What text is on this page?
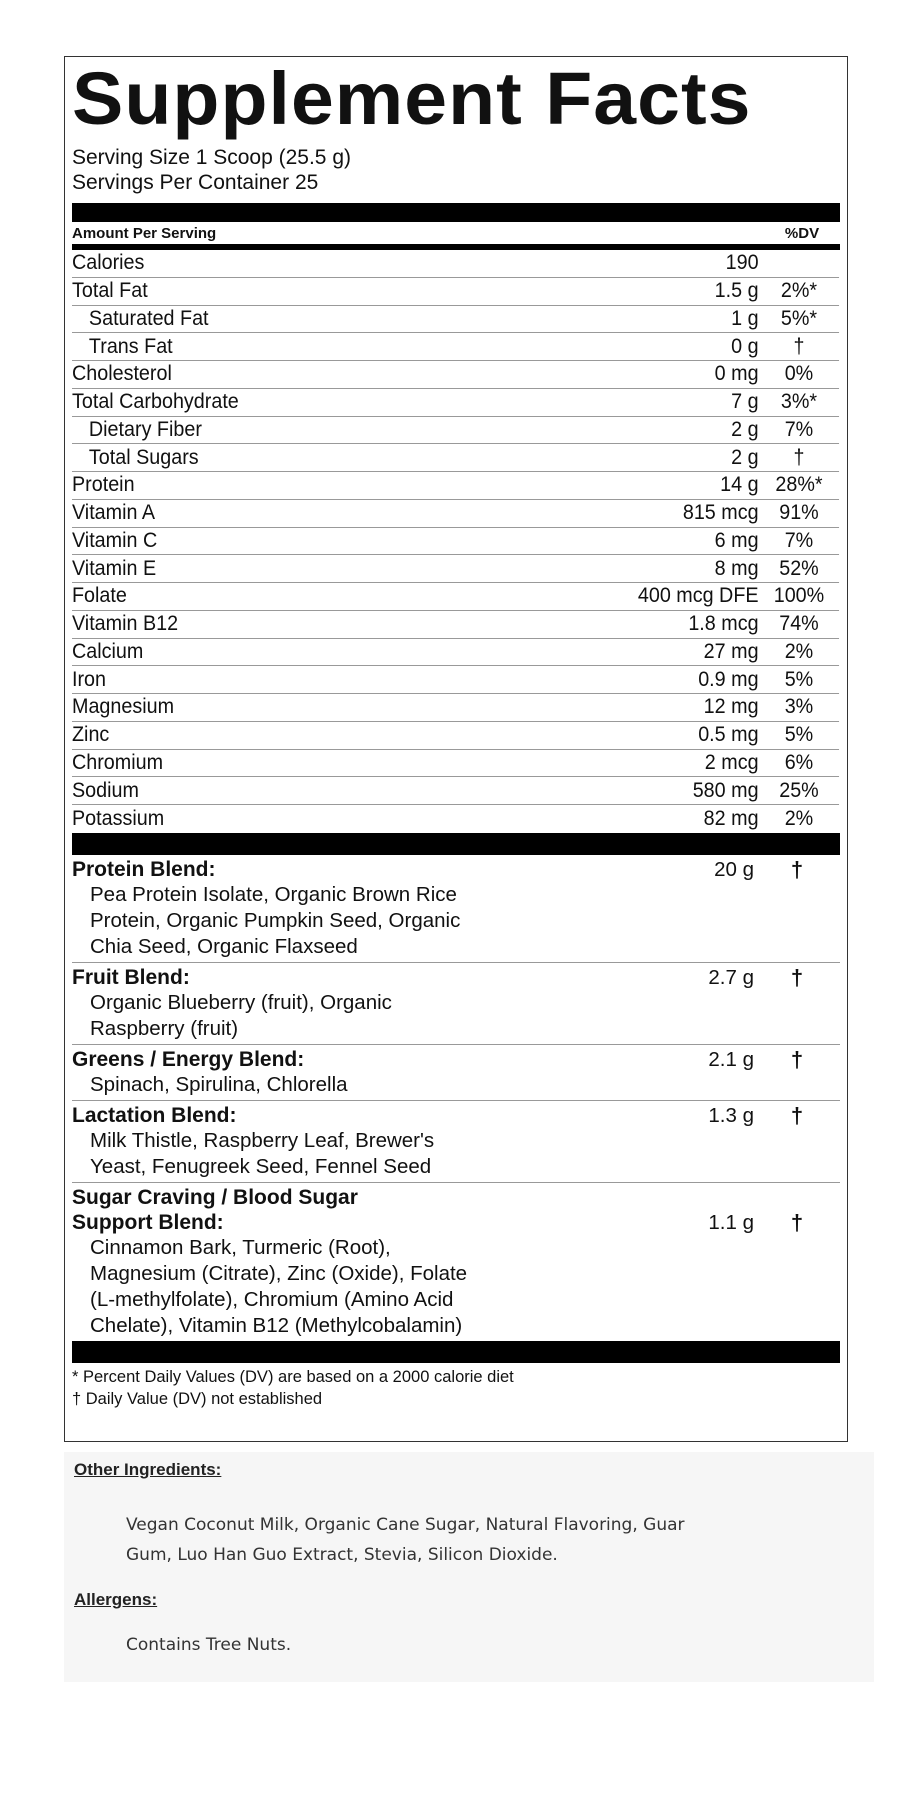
Supplement Facts
Serving Size 1 Scoop (25.5 g)
Servings Per Container 25
Amount Per Serving	%DV
Calories	190
Total Fat	1.5 g	2%*
Saturated Fat	1 g	5%*
Trans Fat	0 g	†
Cholesterol	0 mg	0%
Total Carbohydrate	7 g	3%*
Dietary Fiber	2 g	7%
Total Sugars	2 g	†
Protein	14 g 28%*
Vitamin A	815 mcg 91%
Vitamin C	6 mg	7%
Vitamin E	8 mg 52%
Folate	400 mcg DFE 100%
Vitamin B12	1.8 mcg 74%
Calcium	27 mg	2%
Iron	0.9 mg	5%
Magnesium	12 mg	3%
Zinc	0.5 mg	5%
Chromium	2 mcg	6%
Sodium	580 mg 25%
Potassium	82 mg	2%
Protein Blend:
Pea Protein Isolate, Organic Brown Rice
Protein, Organic Pumpkin Seed, Organic
Chia Seed, Organic Flaxseed
20 g	†
Fruit Blend:
Organic Blueberry (fruit), Organic
Raspberry (fruit)
2.7 g	†
Greens / Energy Blend:
Spinach, Spirulina, Chlorella
2.1 g	†
Lactation Blend:
Milk Thistle, Raspberry Leaf, Brewer's
Yeast, Fenugreek Seed, Fennel Seed
1.3 g	†
Sugar Craving / Blood Sugar
Support Blend:
Cinnamon Bark, Turmeric (Root),
Magnesium (Citrate), Zinc (Oxide), Folate
(L-methylfolate), Chromium (Amino Acid
Chelate), Vitamin B12 (Methylcobalamin)
1.1 g	†
* Percent Daily Values (DV) are based on a 2000 calorie diet
† Daily Value (DV) not established
Other Ingredients:
Vegan Coconut Milk, Organic Cane Sugar, Natural Flavoring, Guar
Gum, Luo Han Guo Extract, Stevia, Silicon Dioxide.
Allergens:
Contains Tree Nuts.
